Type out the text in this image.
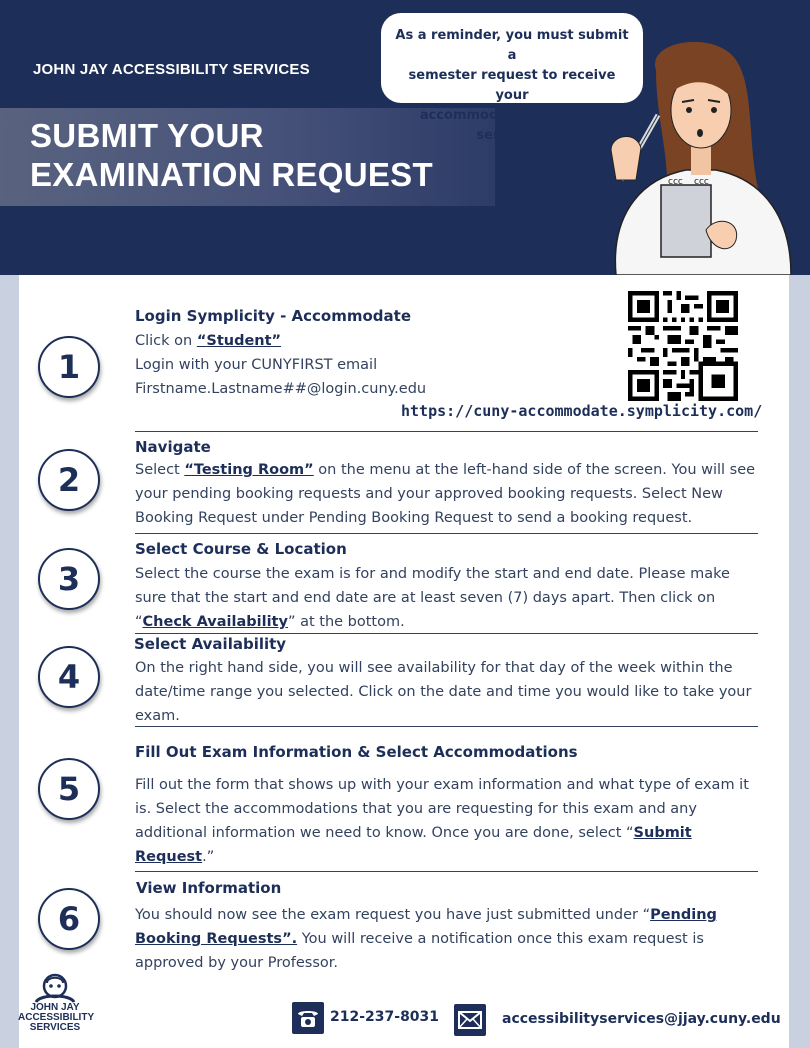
JOHN JAY ACCESSIBILITY SERVICES
SUBMIT YOUR
EXAMINATION REQUEST	ccc ccc
As a reminder, you must submit a
semester request to receive your
accommodations for that semester.
1
Login Symplicity - Accommodate
Click on “Student”
Login with your CUNYFIRST email
Firstname.Lastname##@login.cuny.edu
https://cuny-accommodate.symplicity.com/
2
Navigate
Select “Testing Room” on the menu at the left-hand side of the screen. You will see your pending booking requests and your approved booking requests. Select New Booking Request under Pending Booking Request to send a booking request.
3
Select Course & Location
Select the course the exam is for and modify the start and end date. Please make sure that the start and end date are at least seven (7) days apart. Then click on “Check Availability” at the bottom.
4
Select Availability
On the right hand side, you will see availability for that day of the week within the date/time range you selected. Click on the date and time you would like to take your exam.
5
Fill Out Exam Information & Select Accommodations
Fill out the form that shows up with your exam information and what type of exam it is. Select the accommodations that you are requesting for this exam and any additional information we need to know. Once you are done, select “Submit Request.”
6
View Information
You should now see the exam request you have just submitted under “Pending Booking Requests”. You will receive a notification once this exam request is approved by your Professor.
JOHN JAY
ACCESSIBILITY
SERVICES
212-237-8031	accessibilityservices@jjay.cuny.edu
